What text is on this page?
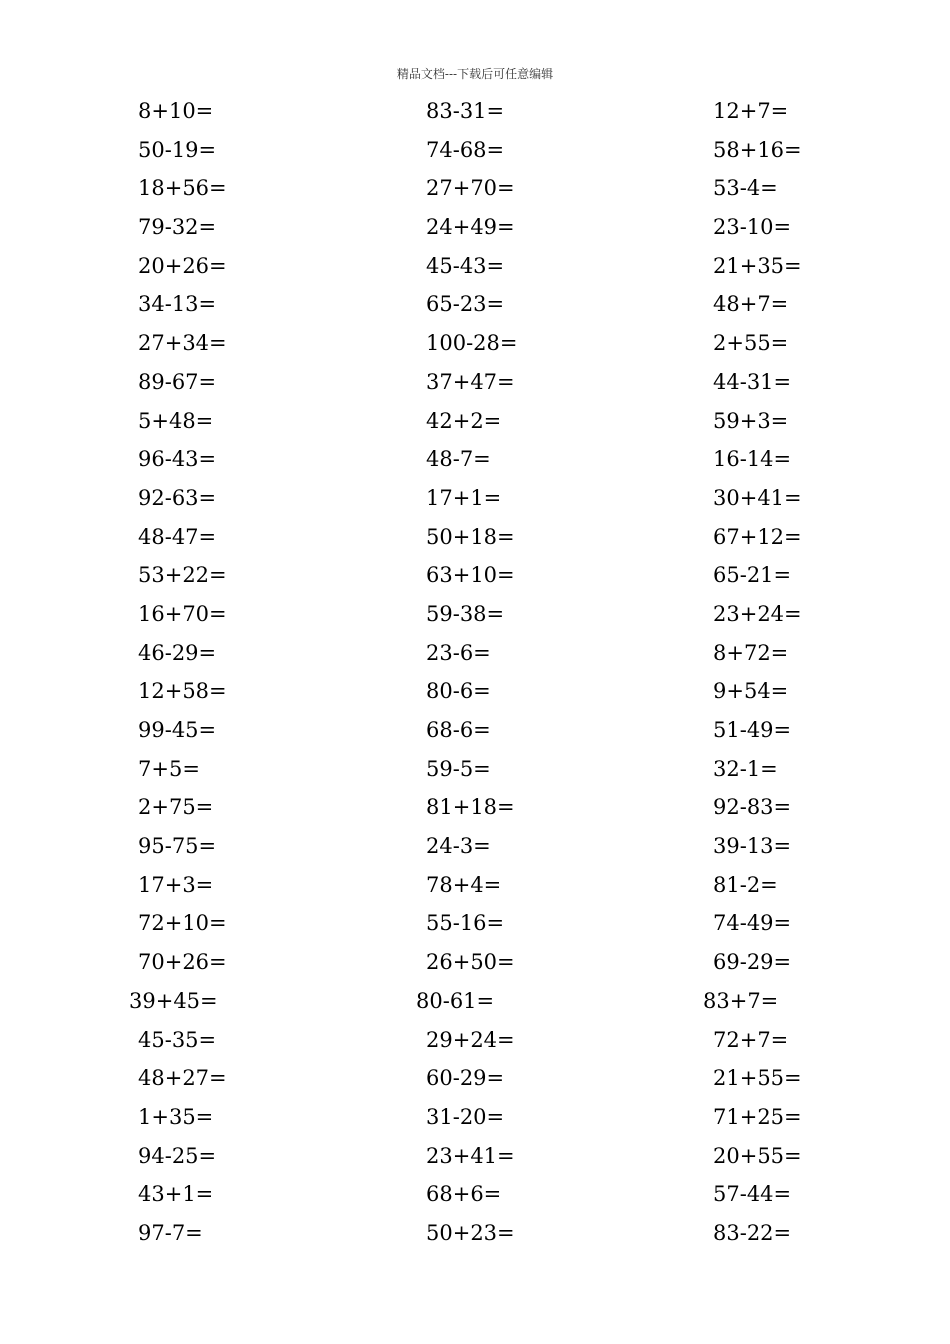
精品文档---下载后可任意编辑
8+10=	83-31=	12+7=
50-19=	74-68=	58+16=
18+56=	27+70=	53-4=
79-32=	24+49=	23-10=
20+26=	45-43=	21+35=
34-13=	65-23=	48+7=
27+34=	100-28=	2+55=
89-67=	37+47=	44-31=
5+48=	42+2=	59+3=
96-43=	48-7=	16-14=
92-63=	17+1=	30+41=
48-47=	50+18=	67+12=
53+22=	63+10=	65-21=
16+70=	59-38=	23+24=
46-29=	23-6=	8+72=
12+58=	80-6=	9+54=
99-45=	68-6=	51-49=
7+5=	59-5=	32-1=
2+75=	81+18=	92-83=
95-75=	24-3=	39-13=
17+3=	78+4=	81-2=
72+10=	55-16=	74-49=
70+26=	26+50=	69-29=
39+45=	80-61=	83+7=
45-35=	29+24=	72+7=
48+27=	60-29=	21+55=
1+35=	31-20=	71+25=
94-25=	23+41=	20+55=
43+1=	68+6=	57-44=
97-7=	50+23=	83-22=
